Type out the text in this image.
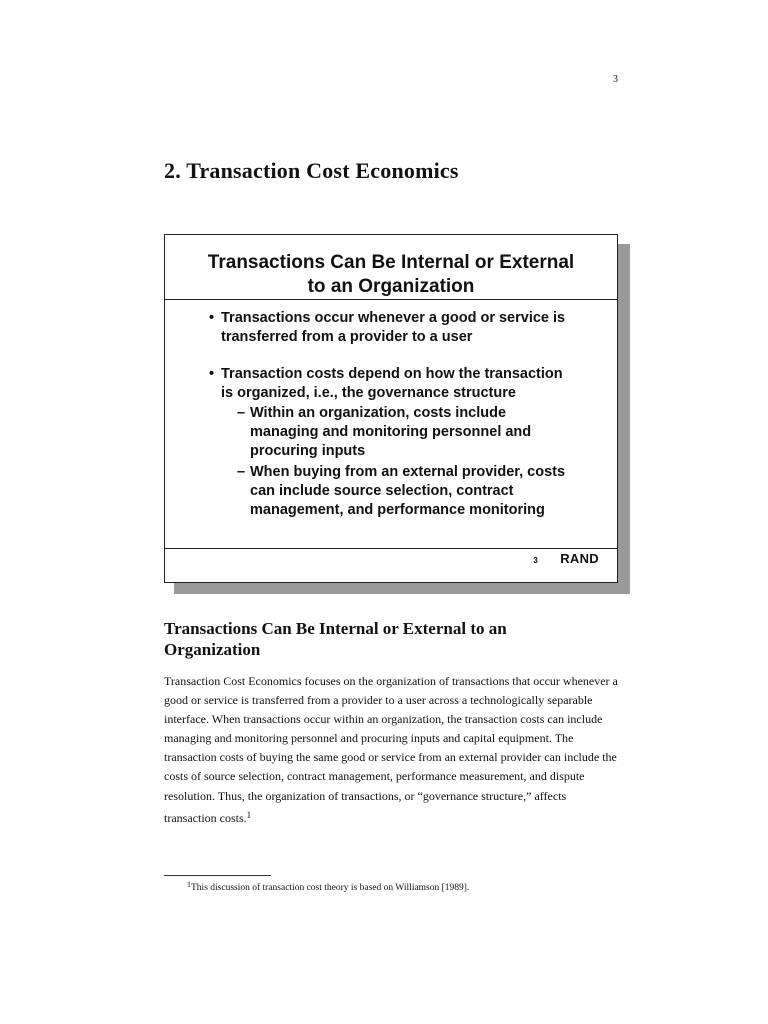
3
2. Transaction Cost Economics
Transactions Can Be Internal or External
to an Organization
• Transactions occur whenever a good or service is
transferred from a provider to a user
• Transaction costs depend on how the transaction
is organized, i.e., the governance structure
– Within an organization, costs include
managing and monitoring personnel and
procuring inputs
– When buying from an external provider, costs
can include source selection, contract
management, and performance monitoring
3 RAND
Transactions Can Be Internal or External to an Organization

Transaction Cost Economics focuses on the organization of transactions that occur whenever a good or service is transferred from a provider to a user across a technologically separable interface. When transactions occur within an organization, the transaction costs can include managing and monitoring personnel and procuring inputs and capital equipment. The transaction costs of buying the same good or service from an external provider can include the costs of source selection, contract management, performance measurement, and dispute resolution. Thus, the organization of transactions, or “governance structure,” affects transaction costs.$^1$

$^1$This discussion of transaction cost theory is based on Williamson [1989].
